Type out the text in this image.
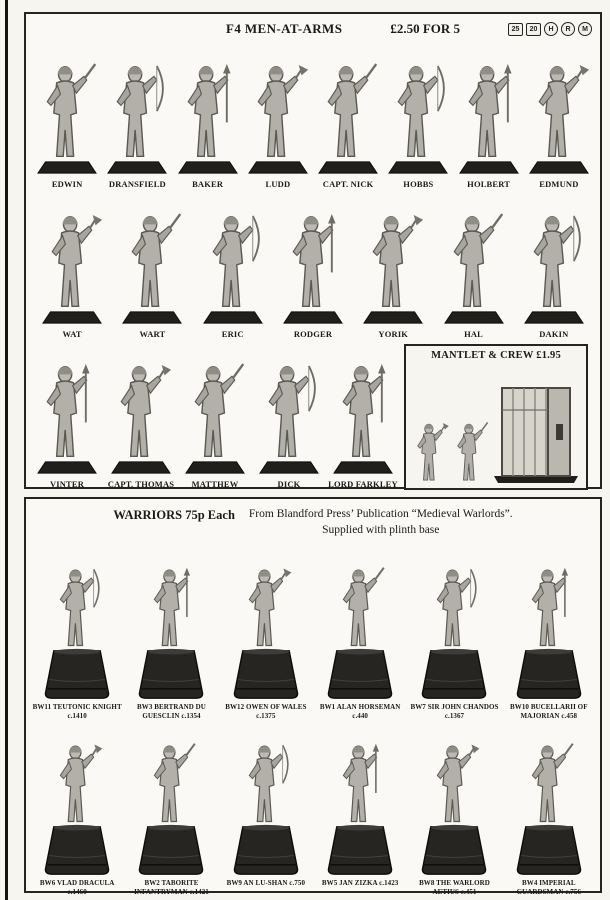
F4 MEN-AT-ARMS	£2.50 FOR 5	25	20	H	R	M
EDWIN	DRANSFIELD	BAKER	LUDD	CAPT. NICK	HOBBS	HOLBERT	EDMUND
WAT	WART	ERIC	RODGER	YORIK	HAL	DAKIN
VINTER	CAPT. THOMAS MATTHEW	DICK	LORD FARKLEY
MANTLET & CREW £1.95
WARRIORS 75p Each From Blandford Press’ Publication “Medieval Warlords”.
Supplied with plinth base
BW11 TEUTONIC KNIGHT c.1410
BW3 BERTRAND DU GUESCLIN c.1354
BW12 OWEN OF WALES c.1375
BW1 ALAN HORSEMAN c.440
BW7 SIR JOHN CHANDOS c.1367
BW10 BUCELLARII OF MAJORIAN c.458
BW6 VLAD DRACULA c.1460
BW2 TABORITE INFANTRYMAN c.1421
BW9 AN LU-SHAN c.750 BW5 JAN ZIZKA c.1423	BW8 THE WARLORD AETIUS c.451
BW4 IMPERIAL GUARDSMAN c.756
